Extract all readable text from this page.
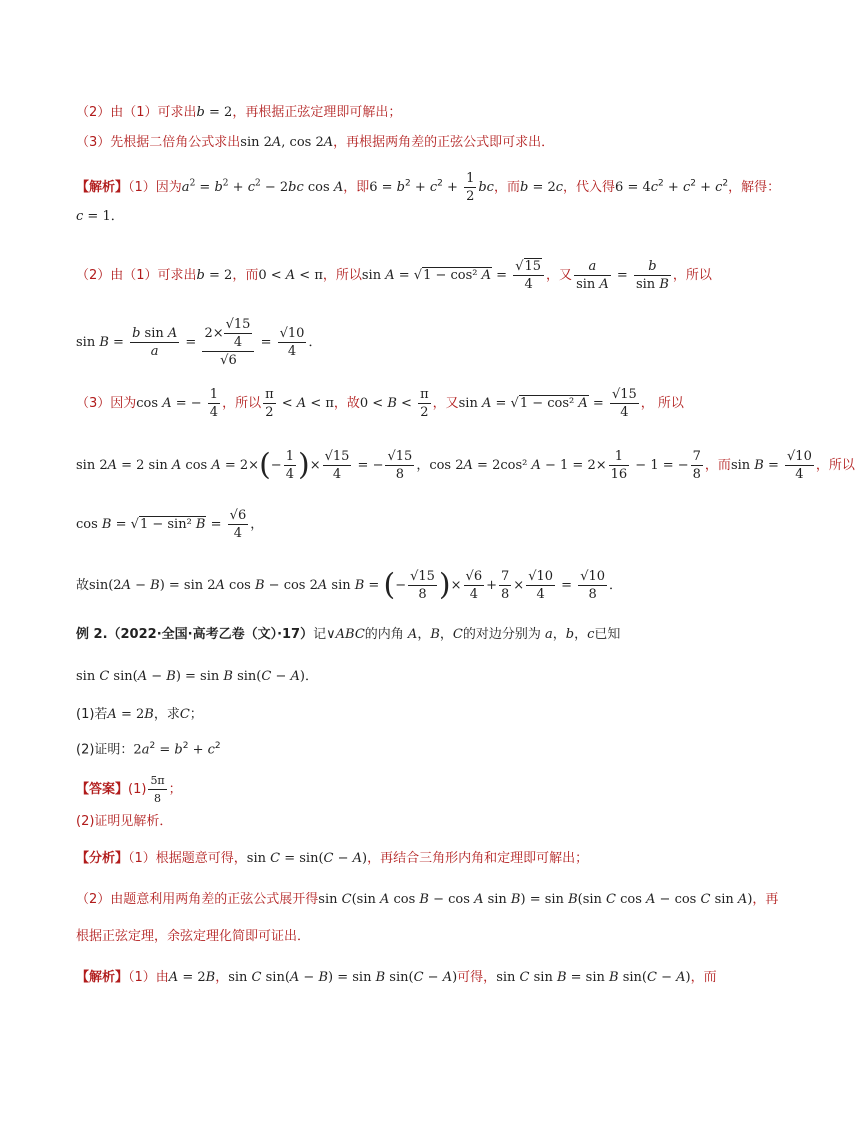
（2）由（1）可求出b = 2，再根据正弦定理即可解出；
（3）先根据二倍角公式求出sin 2A, cos 2A，再根据两角差的正弦公式即可求出．
【解析】（1）因为$a^2 = b^2 + c^2 - 2bc$ cos A，即$6 = b^2 + c^2 + \frac{1}{2}$ bc，而b = 2c，代入得$6 = 4c^2 + c^2 + c^2$，解得：
c = 1．
（2）由（1）可求出b = 2，而0 < A < π，所以sin A = √1 − cos² $A = \frac{√15}{4}$ ，又 $\frac{a}{\text{sin A}} = \frac{b}{\text{sin B}}$ ，所以
$\sin B = \frac{\text{b sin A}}{a} = \frac{2\times \frac{√15}{4}}{√6} = \frac{√10}{4}$ ．
（3）因为cos A = − $\frac{1}{4}$ ，所以 $\frac{\pi}{2} < A < \pi$，故$0 < B < \frac{\pi}{2}$ ，又sin A = √1 − cos² $A = \frac{√15}{4}$ ， 所以
sin 2A = 2 sin A $\cos A = 2\times(- \frac{1}{4}$ )× $\frac{√15}{4}$ = − $\frac{√15}{8}$ ，cos 2A = 2cos² $A - 1 = 2\times \frac{1}{16} - 1$ = − $\frac{7}{8}$ ，而$\sin B = \frac{√10}{4}$ ，所以
cos B = √1 − sin² $B = \frac{√6}{4}$ ，
故sin(2A − B) = sin 2A cos B − cos 2A sin B = (− $\frac{√15}{8}$ )× $\frac{√6}{4} + \frac{7}{8} \times \frac{√10}{4} = \frac{√10}{8}$ ．
例 2.（2022·全国·高考乙卷（文）·17）记∨ABC的内角 A，B，C的对边分别为 a，b，c已知
sin C sin(A − B) = sin B sin(C − A)．
(1)若A = 2B，求C；
(2)证明：$2a^2 = b^2 + c^2$
【答案】$(1) \frac{5\pi}{8}$ ；
(2)证明见解析．
【分析】（1）根据题意可得，sin C = sin(C − A)，再结合三角形内角和定理即可解出；
（2）由题意利用两角差的正弦公式展开得sin C(sin A cos B − cos A sin B) = sin B(sin C cos A − cos C sin A)，再
根据正弦定理，余弦定理化简即可证出．
【解析】（1）由A = 2B，sin C sin(A − B) = sin B sin(C − A)可得，sin C sin B = sin B sin(C − A)，而
